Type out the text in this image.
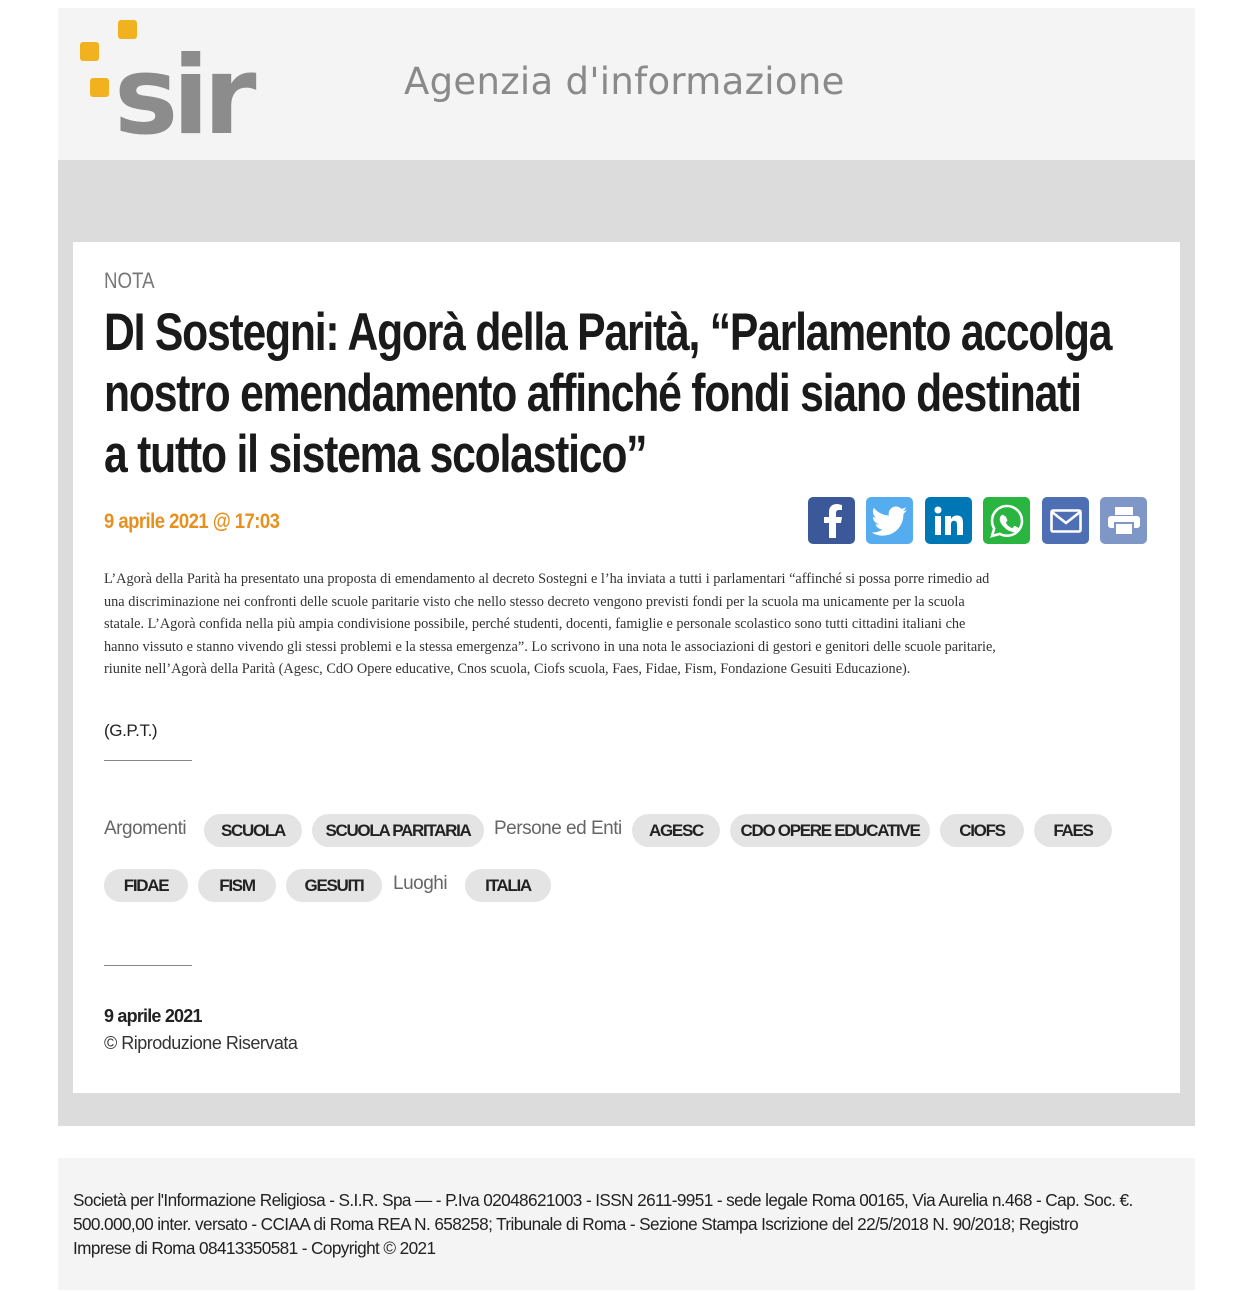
sir	Agenzia d'informazione
NOTA
DI Sostegni: Agorà della Parità, “Parlamento accolga
nostro emendamento affinché fondi siano destinati
a tutto il sistema scolastico”
9 aprile 2021 @ 17:03
L’Agorà della Parità ha presentato una proposta di emendamento al decreto Sostegni e l’ha inviata a tutti i parlamentari “affinché si possa porre rimedio ad
una discriminazione nei confronti delle scuole paritarie visto che nello stesso decreto vengono previsti fondi per la scuola ma unicamente per la scuola
statale. L’Agorà confida nella più ampia condivisione possibile, perché studenti, docenti, famiglie e personale scolastico sono tutti cittadini italiani che
hanno vissuto e stanno vivendo gli stessi problemi e la stessa emergenza”. Lo scrivono in una nota le associazioni di gestori e genitori delle scuole paritarie,
riunite nell’Agorà della Parità (Agesc, CdO Opere educative, Cnos scuola, Ciofs scuola, Faes, Fidae, Fism, Fondazione Gesuiti Educazione).
(G.P.T.)
Argomenti	SCUOLA	SCUOLA PARITARIA	Persone ed Enti	AGESC	CDO OPERE EDUCATIVE	CIOFS	FAES
FIDAE	FISM	GESUITI	Luoghi	ITALIA
9 aprile 2021
© Riproduzione Riservata
Società per l'Informazione Religiosa - S.I.R. Spa — - P.Iva 02048621003 - ISSN 2611-9951 - sede legale Roma 00165, Via Aurelia n.468 - Cap. Soc. €.
500.000,00 inter. versato - CCIAA di Roma REA N. 658258; Tribunale di Roma - Sezione Stampa Iscrizione del 22/5/2018 N. 90/2018; Registro
Imprese di Roma 08413350581 - Copyright © 2021
